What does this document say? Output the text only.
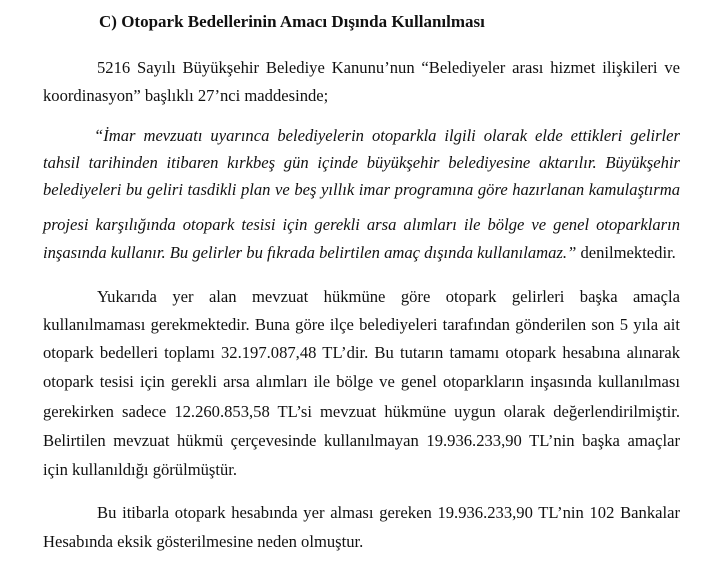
C) Otopark Bedellerinin Amacı Dışında Kullanılması
5216 Sayılı Büyükşehir Belediye Kanunu’nun “Belediyeler arası hizmet ilişkileri ve
koordinasyon” başlıklı 27’nci maddesinde;
“İmar mevzuatı uyarınca belediyelerin otoparkla ilgili olarak elde ettikleri gelirler
tahsil tarihinden itibaren kırkbeş gün içinde büyükşehir belediyesine aktarılır. Büyükşehir
belediyeleri bu geliri tasdikli plan ve beş yıllık imar programına göre hazırlanan kamulaştırma
projesi karşılığında otopark tesisi için gerekli arsa alımları ile bölge ve genel otoparkların
inşasında kullanır. Bu gelirler bu fıkrada belirtilen amaç dışında kullanılamaz.” denilmektedir.
Yukarıda yer alan mevzuat hükmüne göre otopark gelirleri başka amaçla
kullanılmaması gerekmektedir. Buna göre ilçe belediyeleri tarafından gönderilen son 5 yıla ait
otopark bedelleri toplamı 32.197.087,48 TL’dir. Bu tutarın tamamı otopark hesabına alınarak
otopark tesisi için gerekli arsa alımları ile bölge ve genel otoparkların inşasında kullanılması
gerekirken sadece 12.260.853,58 TL’si mevzuat hükmüne uygun olarak değerlendirilmiştir.
Belirtilen mevzuat hükmü çerçevesinde kullanılmayan 19.936.233,90 TL’nin başka amaçlar
için kullanıldığı görülmüştür.
Bu itibarla otopark hesabında yer alması gereken 19.936.233,90 TL’nin 102 Bankalar
Hesabında eksik gösterilmesine neden olmuştur.
